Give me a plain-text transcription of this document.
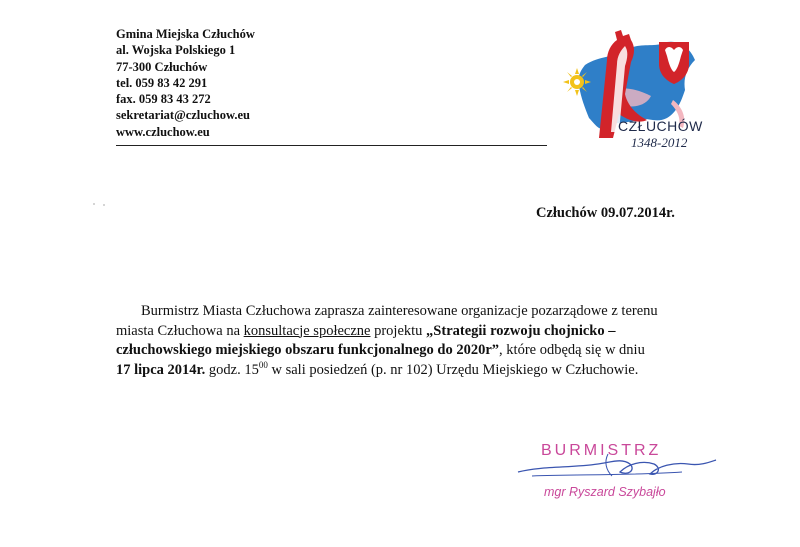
Gmina Miejska Człuchów
al. Wojska Polskiego 1
77-300 Człuchów
tel. 059 83 42 291
fax. 059 83 43 272
sekretariat@czluchow.eu
www.czluchow.eu	CZŁUCHÓW
1348-2012
Człuchów 09.07.2014r.
Burmistrz Miasta Człuchowa zaprasza zainteresowane organizacje pozarządowe z terenu
miasta Człuchowa na konsultacje społeczne projektu „Strategii rozwoju chojnicko –
człuchowskiego miejskiego obszaru funkcjonalnego do 2020r”, które odbędą się w dniu
17 lipca 2014r. godz. $15^{00}$ w sali posiedzeń (p. nr 102) Urzędu Miejskiego w Człuchowie.
BURMISTRZ
mgr Ryszard Szybajło
